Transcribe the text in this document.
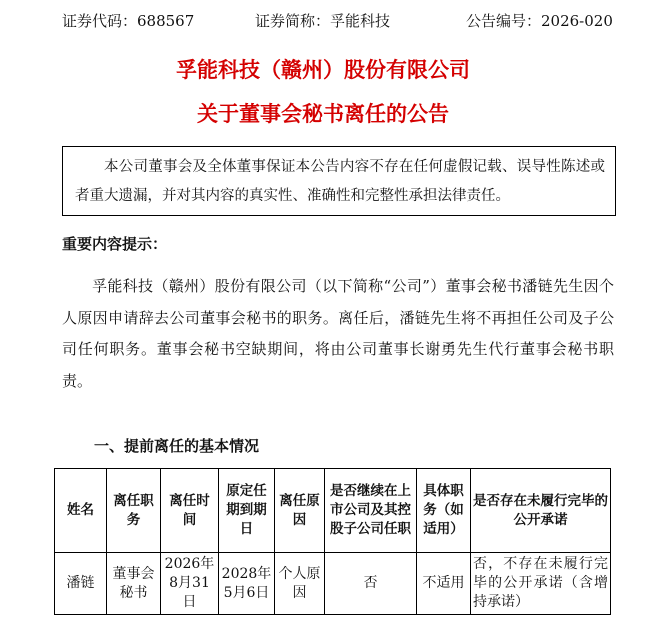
证券代码：688567	证券简称：孚能科技	公告编号：2026-020
孚能科技（赣州）股份有限公司
关于董事会秘书离任的公告
本公司董事会及全体董事保证本公告内容不存在任何虚假记载、误导性陈述或者重大遗漏，并对其内容的真实性、准确性和完整性承担法律责任。
重要内容提示：
孚能科技（赣州）股份有限公司（以下简称“公司”）董事会秘书潘链先生因个人原因申请辞去公司董事会秘书的职务。离任后，潘链先生将不再担任公司及子公司任何职务。董事会秘书空缺期间，将由公司董事长谢勇先生代行董事会秘书职责。
一、提前离任的基本情况
姓名	离任职务	离任时间	原定任期到期日	离任原因	是否继续在上市公司及其控股子公司任职	具体职务（如适用）	是否存在未履行完毕的公开承诺
潘链	董事会秘书	2026年8月31日	2028年5月6日	个人原因	否	不适用	否，不存在未履行完毕的公开承诺（含增持承诺）
